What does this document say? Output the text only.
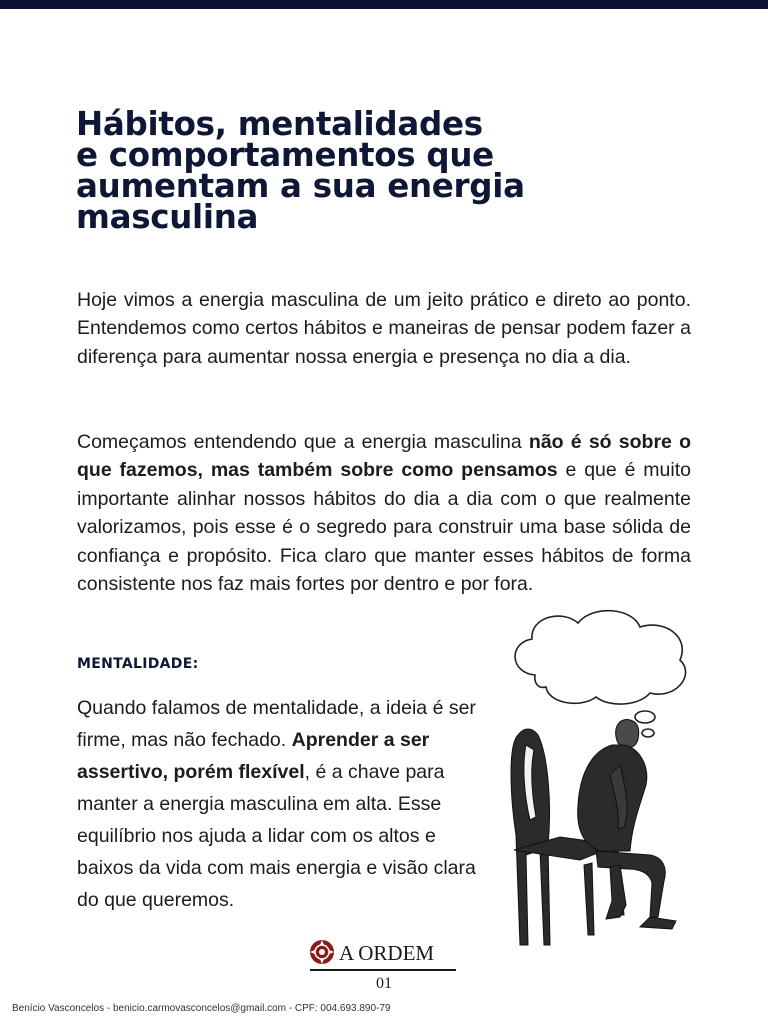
Hábitos, mentalidades
e comportamentos que
aumentam a sua energia
masculina

Hoje vimos a energia masculina de um jeito prático e direto ao ponto. Entendemos como certos hábitos e maneiras de pensar podem fazer a diferença para aumentar nossa energia e presença no dia a dia.

Começamos entendendo que a energia masculina não é só sobre o que fazemos, mas também sobre como pensamos e que é muito importante alinhar nossos hábitos do dia a dia com o que realmente valorizamos, pois esse é o segredo para construir uma base sólida de confiança e propósito. Fica claro que manter esses hábitos de forma consistente nos faz mais fortes por dentro e por fora.

MENTALIDADE:

Quando falamos de mentalidade, a ideia é ser firme, mas não fechado. Aprender a ser assertivo, porém flexível, é a chave para manter a energia masculina em alta. Esse equilíbrio nos ajuda a lidar com os altos e baixos da vida com mais energia e visão clara do que queremos.

A ORDEM
01

Benício Vasconcelos - benicio.carmovasconcelos@gmail.com - CPF: 004.693.890-79
